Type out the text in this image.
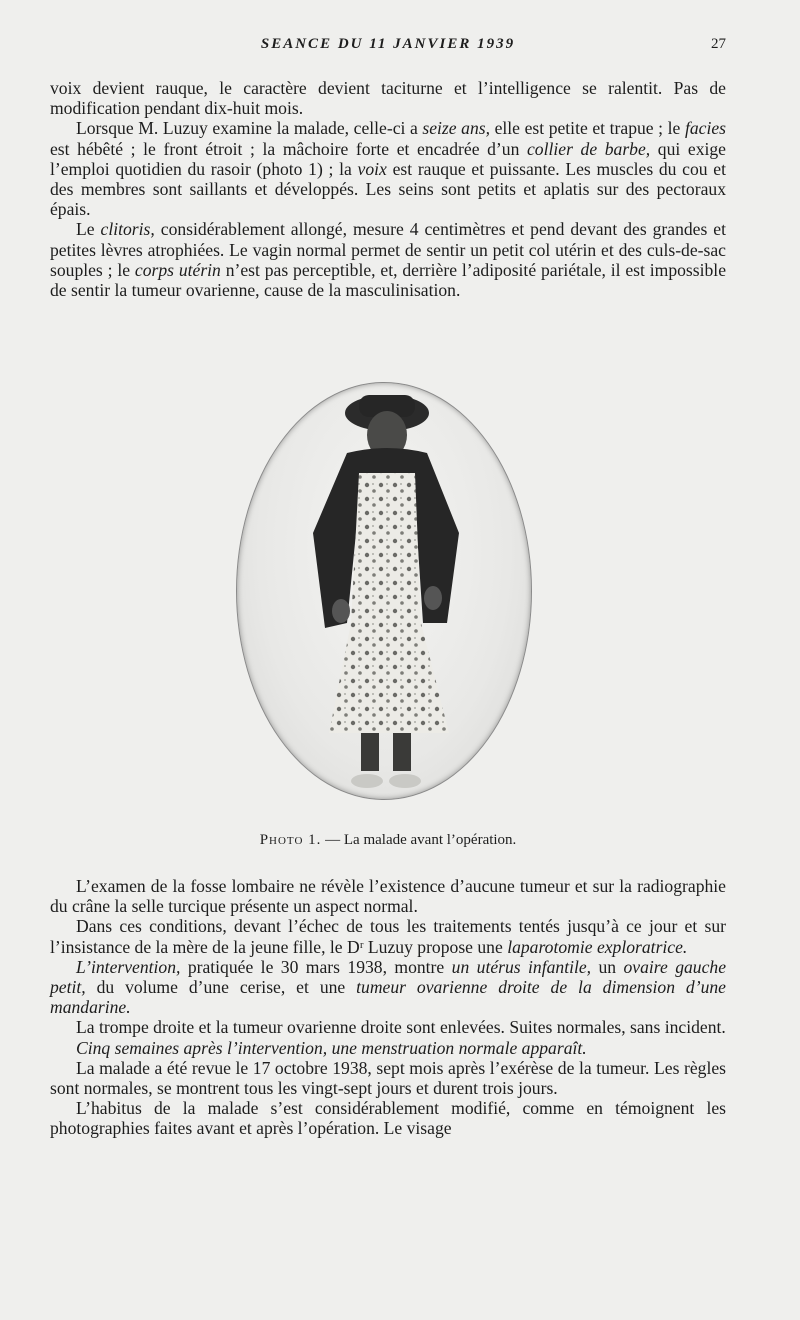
SEANCE DU 11 JANVIER 1939	27

voix devient rauque, le caractère devient taciturne et l’intelligence se ralentit. Pas de modification pendant dix-huit mois.

Lorsque M. Luzuy examine la malade, celle-ci a seize ans, elle est petite et trapue ; le facies est hébêté ; le front étroit ; la mâchoire forte et encadrée d’un collier de barbe, qui exige l’emploi quotidien du rasoir (photo 1) ; la voix est rauque et puissante. Les muscles du cou et des membres sont saillants et développés. Les seins sont petits et aplatis sur des pectoraux épais.

Le clitoris, considérablement allongé, mesure 4 centimètres et pend devant des grandes et petites lèvres atrophiées. Le vagin normal permet de sentir un petit col utérin et des culs-de-sac souples ; le corps utérin n’est pas perceptible, et, derrière l’adiposité pariétale, il est impossible de sentir la tumeur ovarienne, cause de la masculinisation.

Photo 1. — La malade avant l’opération.

L’examen de la fosse lombaire ne révèle l’existence d’aucune tumeur et sur la radiographie du crâne la selle turcique présente un aspect normal.

Dans ces conditions, devant l’échec de tous les traitements tentés jusqu’à ce jour et sur l’insistance de la mère de la jeune fille, le Dʳ Luzuy propose une laparotomie exploratrice.

L’intervention, pratiquée le 30 mars 1938, montre un utérus infantile, un ovaire gauche petit, du volume d’une cerise, et une tumeur ovarienne droite de la dimension d’une mandarine.

La trompe droite et la tumeur ovarienne droite sont enlevées. Suites normales, sans incident.

Cinq semaines après l’intervention, une menstruation normale apparaît.

La malade a été revue le 17 octobre 1938, sept mois après l’exérèse de la tumeur. Les règles sont normales, se montrent tous les vingt-sept jours et durent trois jours.

L’habitus de la malade s’est considérablement modifié, comme en témoignent les photographies faites avant et après l’opération. Le visage
